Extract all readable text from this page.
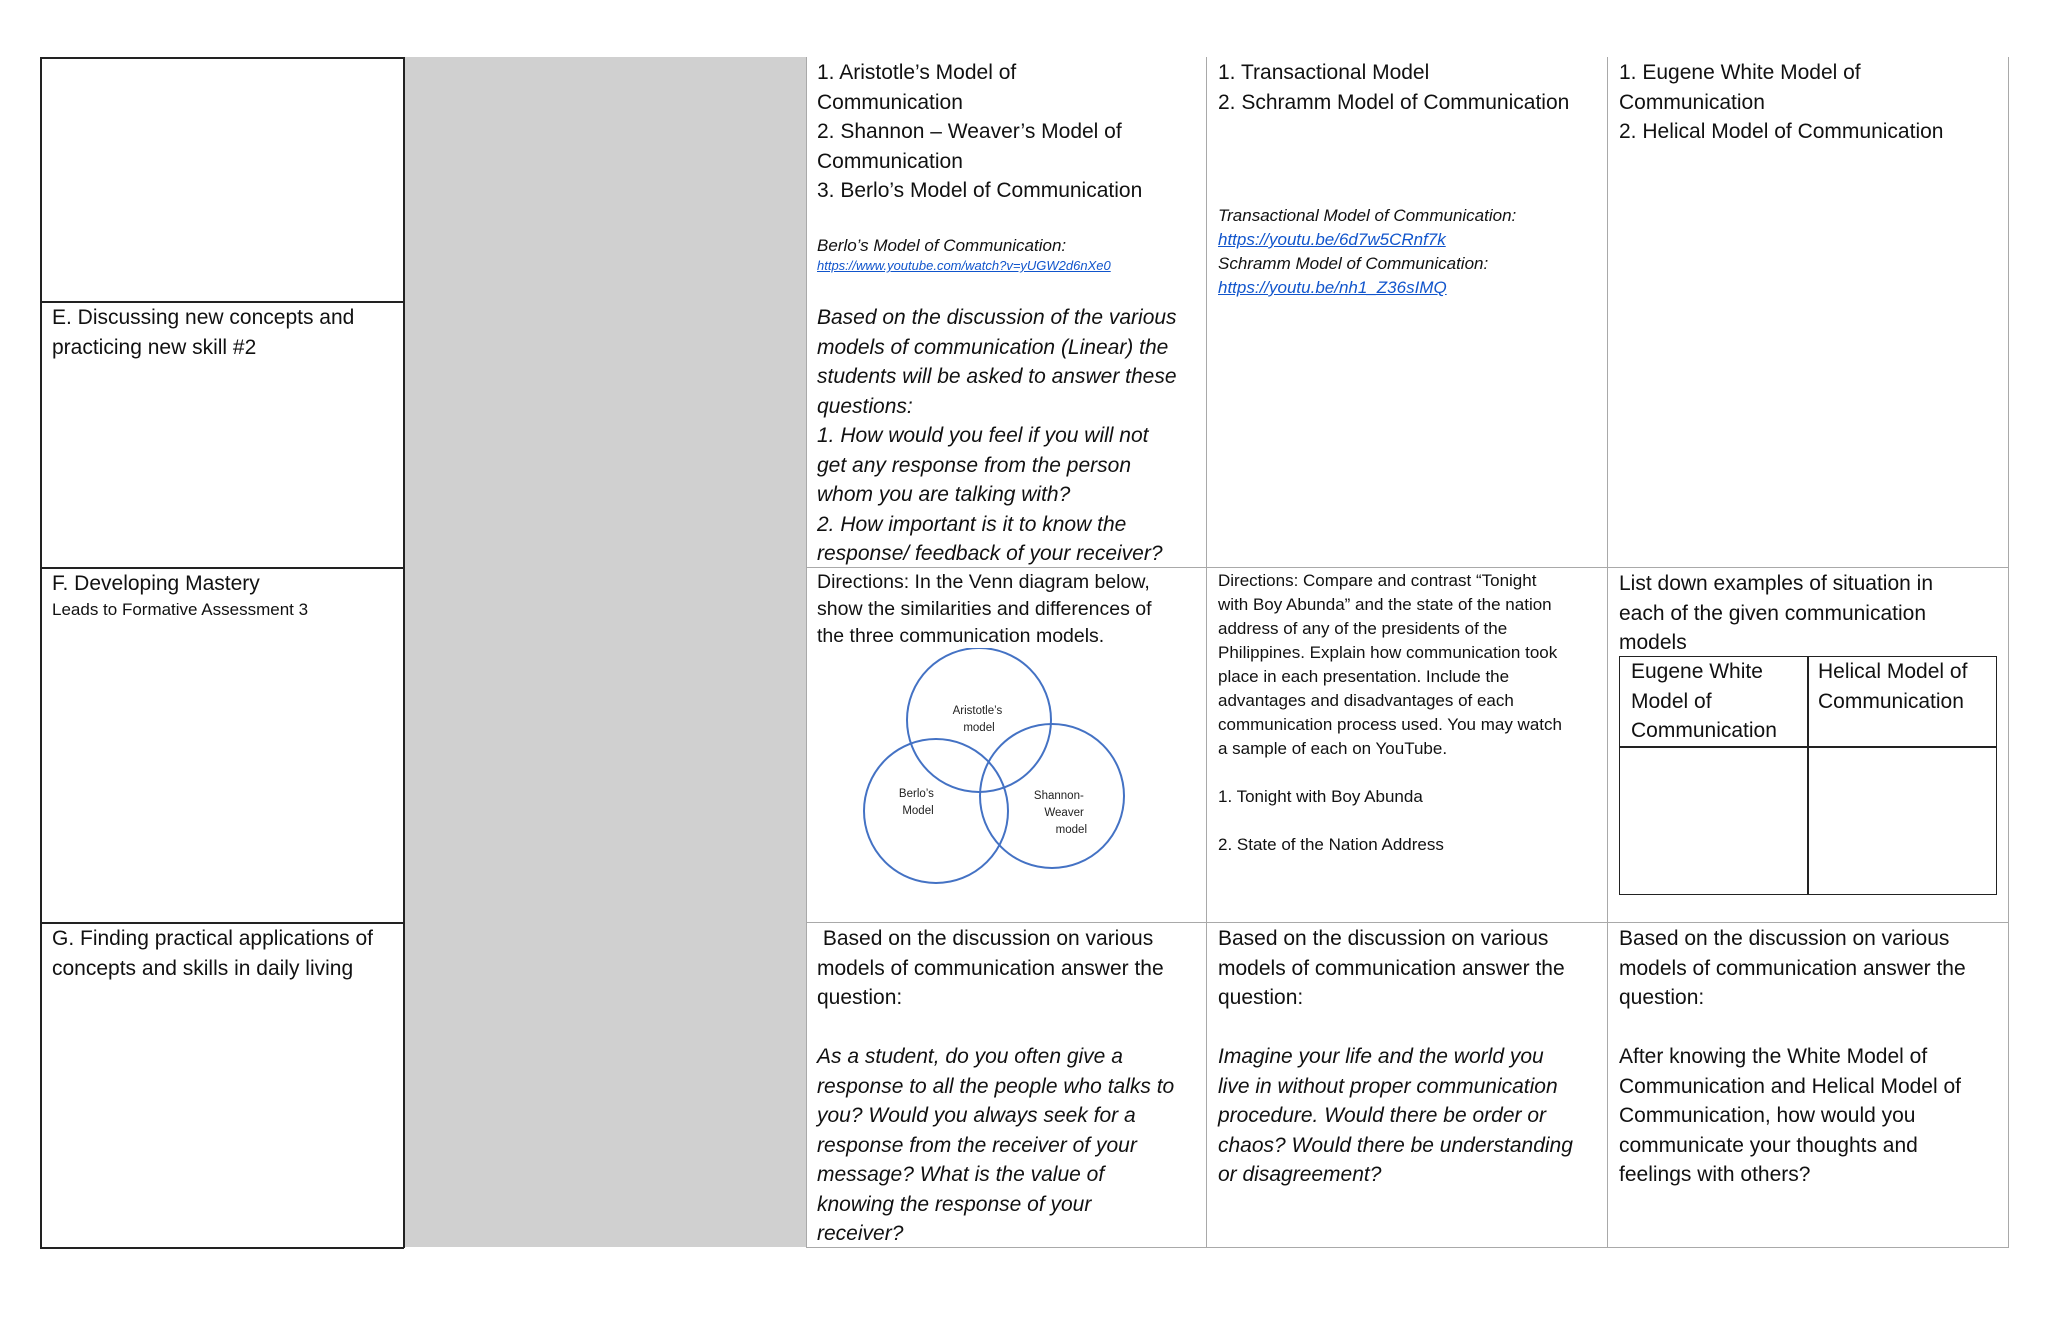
E. Discussing new concepts and
practicing new skill #2
1. Aristotle’s Model of
Communication
2. Shannon – Weaver’s Model of
Communication
3. Berlo’s Model of Communication
Berlo’s Model of Communication:
https://www.youtube.com/watch?v=yUGW2d6nXe0
Based on the discussion of the various
models of communication (Linear) the
students will be asked to answer these
questions:
1. How would you feel if you will not
get any response from the person
whom you are talking with?
2. How important is it to know the
response/ feedback of your receiver?
1. Transactional Model
2. Schramm Model of Communication
Transactional Model of Communication:
https://youtu.be/6d7w5CRnf7k
Schramm Model of Communication:
https://youtu.be/nh1_Z36sIMQ
1. Eugene White Model of
Communication
2. Helical Model of Communication
F. Developing Mastery
Leads to Formative Assessment 3
Directions: In the Venn diagram below,
show the similarities and differences of
the three communication models.
Aristotle’s model
Berlo’s Model
Shannon- Weaver model
Directions: Compare and contrast “Tonight
with Boy Abunda” and the state of the nation
address of any of the presidents of the
Philippines. Explain how communication took
place in each presentation. Include the
advantages and disadvantages of each
communication process used. You may watch
a sample of each on YouTube.
1. Tonight with Boy Abunda
2. State of the Nation Address
List down examples of situation in
each of the given communication
models
Eugene White
Model of
Communication
Helical Model of
Communication
G. Finding practical applications of
concepts and skills in daily living
Based on the discussion on various
models of communication answer the
question:
As a student, do you often give a
response to all the people who talks to
you? Would you always seek for a
response from the receiver of your
message? What is the value of
knowing the response of your
receiver?
Based on the discussion on various
models of communication answer the
question:
Imagine your life and the world you
live in without proper communication
procedure. Would there be order or
chaos? Would there be understanding
or disagreement?
Based on the discussion on various
models of communication answer the
question:
After knowing the White Model of
Communication and Helical Model of
Communication, how would you
communicate your thoughts and
feelings with others?
